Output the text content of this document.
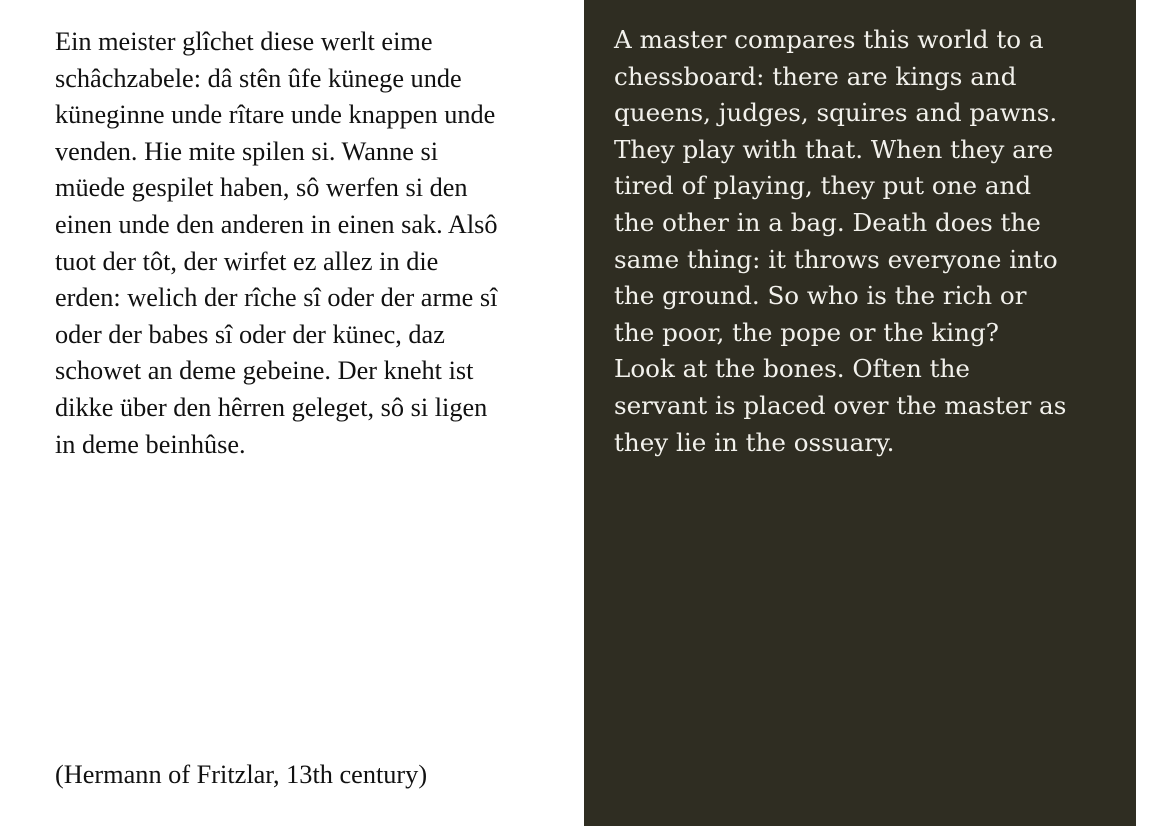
Ein meister glîchet diese werlt eime
schâchzabele: dâ stên ûfe künege unde
küneginne unde rîtare unde knappen unde
venden. Hie mite spilen si. Wanne si
müede gespilet haben, sô werfen si den
einen unde den anderen in einen sak. Alsô
tuot der tôt, der wirfet ez allez in die
erden: welich der rîche sî oder der arme sî
oder der babes sî oder der künec, daz
schowet an deme gebeine. Der kneht ist
dikke über den hêrren geleget, sô si ligen
in deme beinhûse.

(Hermann of Fritzlar, 13th century)

A master compares this world to a
chessboard: there are kings and
queens, judges, squires and pawns.
They play with that. When they are
tired of playing, they put one and
the other in a bag. Death does the
same thing: it throws everyone into
the ground. So who is the rich or
the poor, the pope or the king?
Look at the bones. Often the
servant is placed over the master as
they lie in the ossuary.
